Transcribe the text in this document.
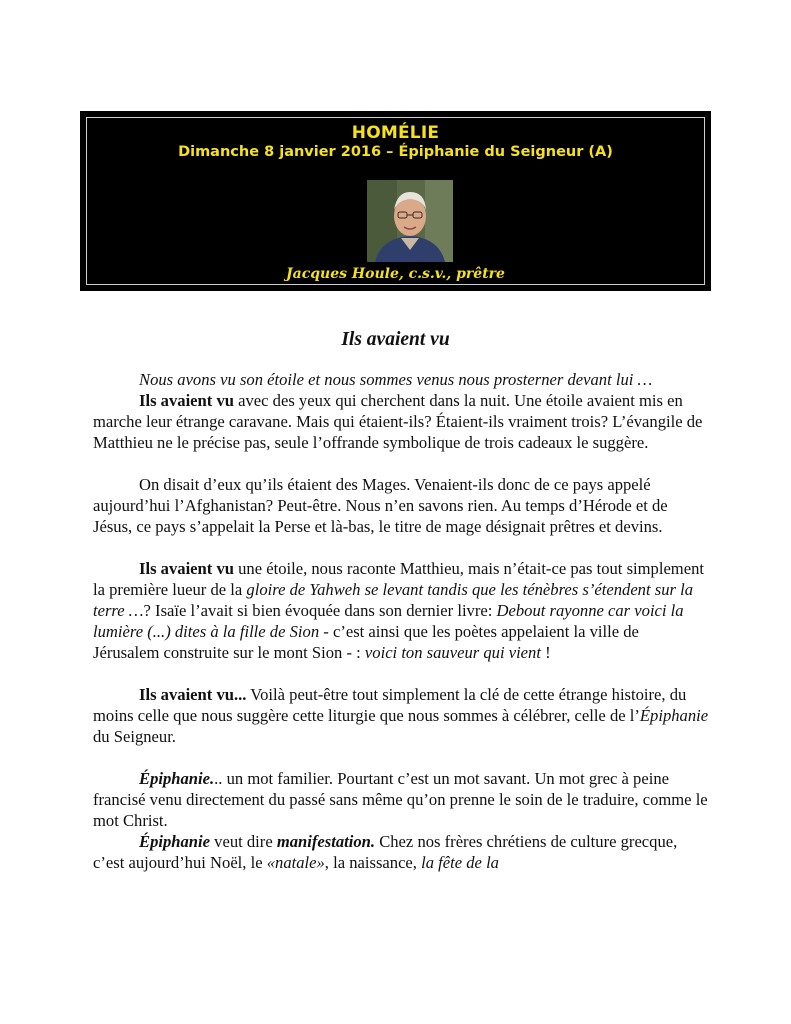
HOMÉLIE
Dimanche 8 janvier 2016 – Épiphanie du Seigneur (A)
Jacques Houle, c.s.v., prêtre
Ils avaient vu

Nous avons vu son étoile et nous sommes venus nous prosterner devant lui …

Ils avaient vu avec des yeux qui cherchent dans la nuit. Une étoile avaient mis en marche leur étrange caravane. Mais qui étaient-ils? Étaient-ils vraiment trois? L’évangile de Matthieu ne le précise pas, seule l’offrande symbolique de trois cadeaux le suggère.

On disait d’eux qu’ils étaient des Mages. Venaient-ils donc de ce pays appelé aujourd’hui l’Afghanistan? Peut-être. Nous n’en savons rien. Au temps d’Hérode et de Jésus, ce pays s’appelait la Perse et là-bas, le titre de mage désignait prêtres et devins.

Ils avaient vu une étoile, nous raconte Matthieu, mais n’était-ce pas tout simplement la première lueur de la gloire de Yahweh se levant tandis que les ténèbres s’étendent sur la terre …? Isaïe l’avait si bien évoquée dans son dernier livre: Debout rayonne car voici la lumière (...) dites à la fille de Sion - c’est ainsi que les poètes appelaient la ville de Jérusalem construite sur le mont Sion - : voici ton sauveur qui vient !

Ils avaient vu... Voilà peut-être tout simplement la clé de cette étrange histoire, du moins celle que nous suggère cette liturgie que nous sommes à célébrer, celle de l’Épiphanie du Seigneur.

Épiphanie... un mot familier. Pourtant c’est un mot savant. Un mot grec à peine francisé venu directement du passé sans même qu’on prenne le soin de le traduire, comme le mot Christ.

Épiphanie veut dire manifestation. Chez nos frères chrétiens de culture grecque, c’est aujourd’hui Noël, le «natale», la naissance, la fête de la
